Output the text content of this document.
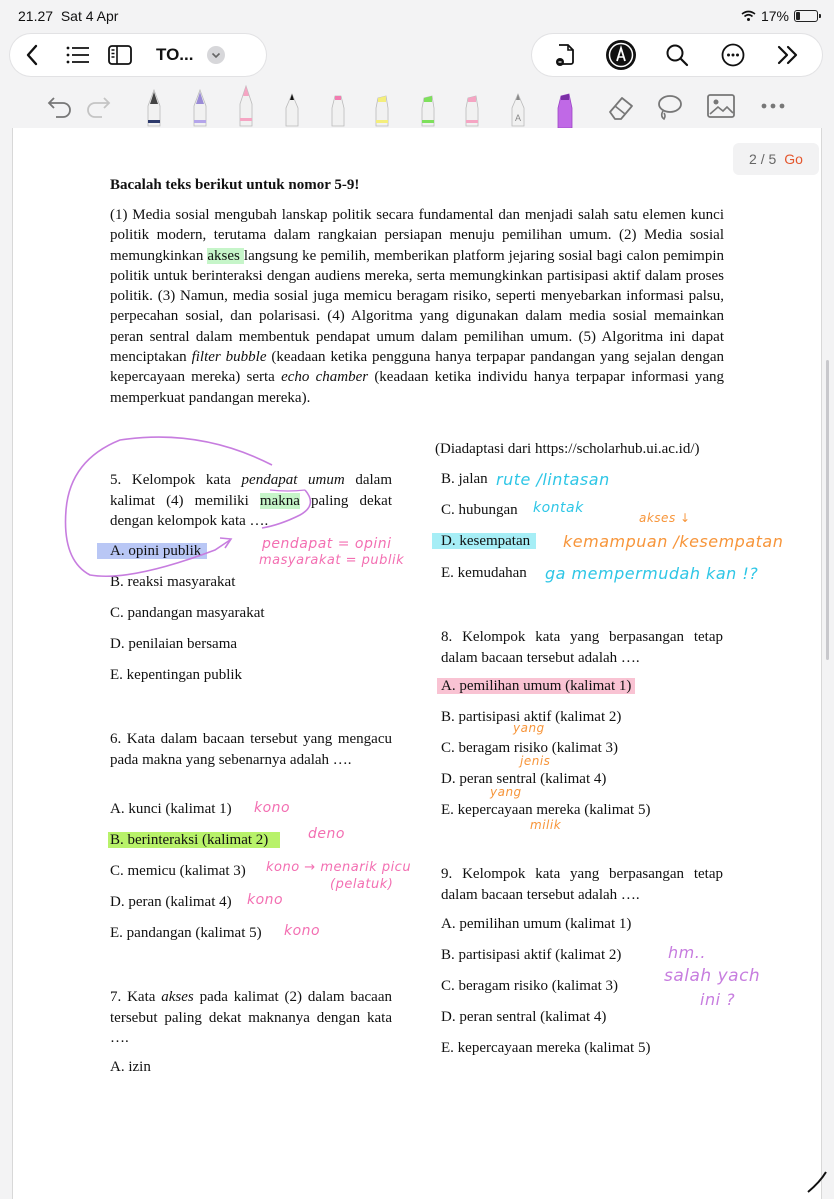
21.27 Sat 4 Apr	17%
TO...
A
2 / 5 Go
Bacalah teks berikut untuk nomor 5-9!
(1) Media sosial mengubah lanskap politik secara fundamental dan menjadi salah satu elemen kunci politik modern, terutama dalam rangkaian persiapan menuju pemilihan umum. (2) Media sosial memungkinkan akses langsung ke pemilih, memberikan platform jejaring sosial bagi calon pemimpin politik untuk berinteraksi dengan audiens mereka, serta memungkinkan partisipasi aktif dalam proses politik. (3) Namun, media sosial juga memicu beragam risiko, seperti menyebarkan informasi palsu, perpecahan sosial, dan polarisasi. (4) Algoritma yang digunakan dalam media sosial memainkan peran sentral dalam membentuk pendapat umum dalam pemilihan umum. (5) Algoritma ini dapat menciptakan filter bubble (keadaan ketika pengguna hanya terpapar pandangan yang sejalan dengan kepercayaan mereka) serta echo chamber (keadaan ketika individu hanya terpapar informasi yang memperkuat pandangan mereka).
(Diadaptasi dari https://scholarhub.ui.ac.id/)
5. Kelompok kata pendapat umum dalam kalimat (4) memiliki makna paling dekat dengan kelompok kata ….
A. opini publik
B. reaksi masyarakat
C. pandangan masyarakat
D. penilaian bersama
E. kepentingan publik
6. Kata dalam bacaan tersebut yang mengacu pada makna yang sebenarnya adalah ….
A. kunci (kalimat 1)
B. berinteraksi (kalimat 2)
C. memicu (kalimat 3)
D. peran (kalimat 4)
E. pandangan (kalimat 5)
7. Kata akses pada kalimat (2) dalam bacaan tersebut paling dekat maknanya dengan kata ….
A. izin
B. jalan
C. hubungan
D. kesempatan
E. kemudahan
8. Kelompok kata yang berpasangan tetap dalam bacaan tersebut adalah ….
A. pemilihan umum (kalimat 1)
B. partisipasi aktif (kalimat 2)
C. beragam risiko (kalimat 3)
D. peran sentral (kalimat 4)
E. kepercayaan mereka (kalimat 5)
9. Kelompok kata yang berpasangan tetap dalam bacaan tersebut adalah ….
A. pemilihan umum (kalimat 1)
B. partisipasi aktif (kalimat 2)
C. beragam risiko (kalimat 3)
D. peran sentral (kalimat 4)
E. kepercayaan mereka (kalimat 5)
pendapat = opini
masyarakat = publik
rute /lintasan
kontak
akses ↓
kemampuan /kesempatan
ga mempermudah kan !?
yang
jenis
yang
milik
kono
deno
kono → menarik picu
(pelatuk)
kono
kono
hm..
salah yach
ini ?
